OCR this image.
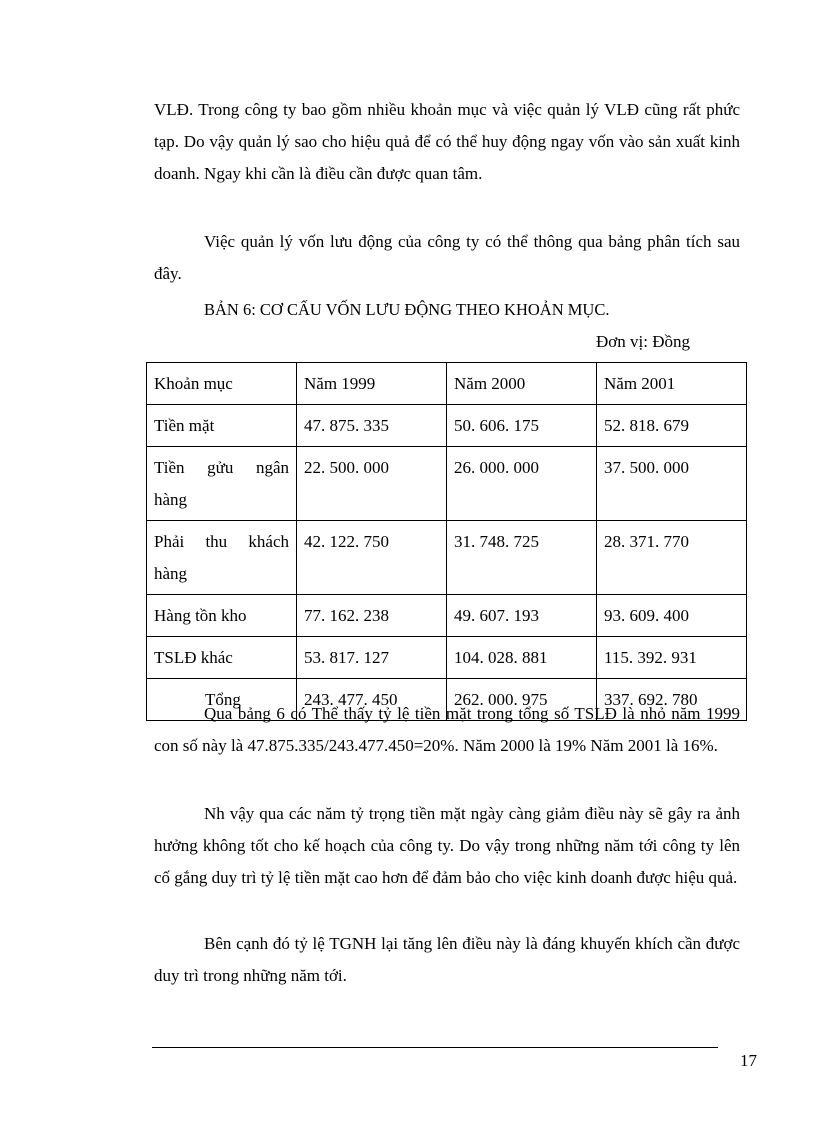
VLĐ. Trong công ty bao gồm nhiều khoản mục và việc quản lý VLĐ cũng rất phức tạp. Do vậy quản lý sao cho hiệu quả để có thể huy động ngay vốn vào sản xuất kinh doanh. Ngay khi cần là điều cần được quan tâm.

Việc quản lý vốn lưu động của công ty có thể thông qua bảng phân tích sau đây.

BẢN 6: CƠ CẤU VỐN LƯU ĐỘNG THEO KHOẢN MỤC.

Đơn vị: Đồng

Khoản mục	Năm 1999	Năm 2000	Năm 2001
Tiền mặt	47. 875. 335	50. 606. 175	52. 818. 679
Tiền gửu ngân hàng	22. 500. 000	26. 000. 000	37. 500. 000
Phải thu khách hàng	42. 122. 750	31. 748. 725	28. 371. 770
Hàng tồn kho	77. 162. 238	49. 607. 193	93. 609. 400
TSLĐ khác	53. 817. 127	104. 028. 881	115. 392. 931
Tổng	243. 477. 450	262. 000. 975	337. 692. 780

Qua bảng 6 có Thể thấy tỷ lệ tiền mặt trong tổng số TSLĐ là nhỏ năm 1999 con số này là 47.875.335/243.477.450=20%. Năm 2000 là 19% Năm 2001 là 16%.

Nh vậy qua các năm tỷ trọng tiền mặt ngày càng giảm điều này sẽ gây ra ảnh hưởng không tốt cho kế hoạch của công ty. Do vậy trong những năm tới công ty lên cố gắng duy trì tỷ lệ tiền mặt cao hơn để đảm bảo cho việc kinh doanh được hiệu quả.

Bên cạnh đó tỷ lệ TGNH lại tăng lên điều này là đáng khuyến khích cần được duy trì trong những năm tới.

17
